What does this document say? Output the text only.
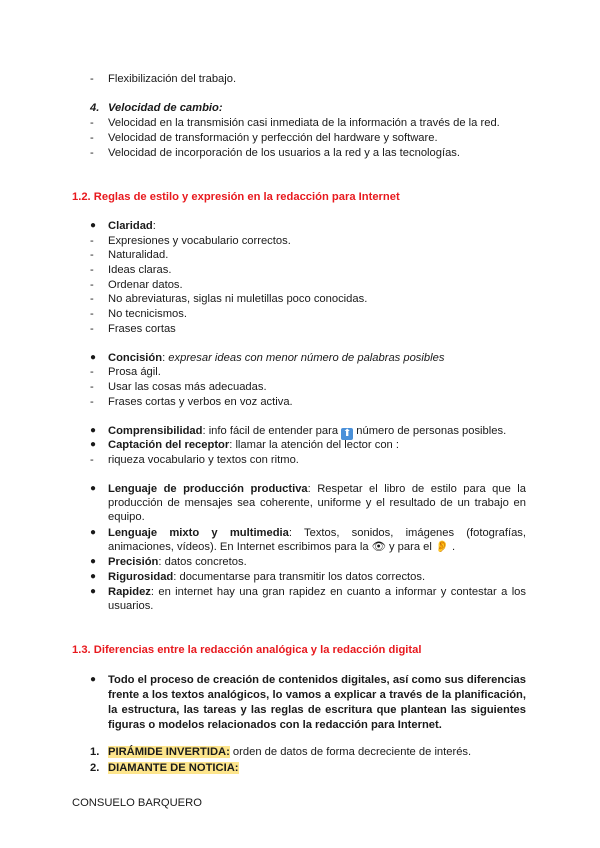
- Flexibilización del trabajo.
4. Velocidad de cambio:
- Velocidad en la transmisión casi inmediata de la información a través de la red.
- Velocidad de transformación y perfección del hardware y software.
- Velocidad de incorporación de los usuarios a la red y a las tecnologías.
1.2. Reglas de estilo y expresión en la redacción para Internet
● Claridad:
- Expresiones y vocabulario correctos.
- Naturalidad.
- Ideas claras.
- Ordenar datos.
- No abreviaturas, siglas ni muletillas poco conocidas.
- No tecnicismos.
- Frases cortas
● Concisión: expresar ideas con menor número de palabras posibles
- Prosa ágil.
- Usar las cosas más adecuadas.
- Frases cortas y verbos en voz activa.
● Comprensibilidad: info fácil de entender para ⬆ número de personas posibles.
● Captación del receptor: llamar la atención del lector con :
- riqueza vocabulario y textos con ritmo.
● Lenguaje de producción productiva: Respetar el libro de estilo para que la producción de mensajes sea coherente, uniforme y el resultado de un trabajo en equipo.
● Lenguaje mixto y multimedia: Textos, sonidos, imágenes (fotografías, animaciones, vídeos). En Internet escribimos para la 👁 y para el 👂 .
● Precisión: datos concretos.
● Rigurosidad: documentarse para transmitir los datos correctos.
● Rapidez: en internet hay una gran rapidez en cuanto a informar y contestar a los usuarios.
1.3. Diferencias entre la redacción analógica y la redacción digital
● Todo el proceso de creación de contenidos digitales, así como sus diferencias frente a los textos analógicos, lo vamos a explicar a través de la planificación, la estructura, las tareas y las reglas de escritura que plantean las siguientes figuras o modelos relacionados con la redacción para Internet.
1. PIRÁMIDE INVERTIDA: orden de datos de forma decreciente de interés.
2. DIAMANTE DE NOTICIA:
CONSUELO BARQUERO
